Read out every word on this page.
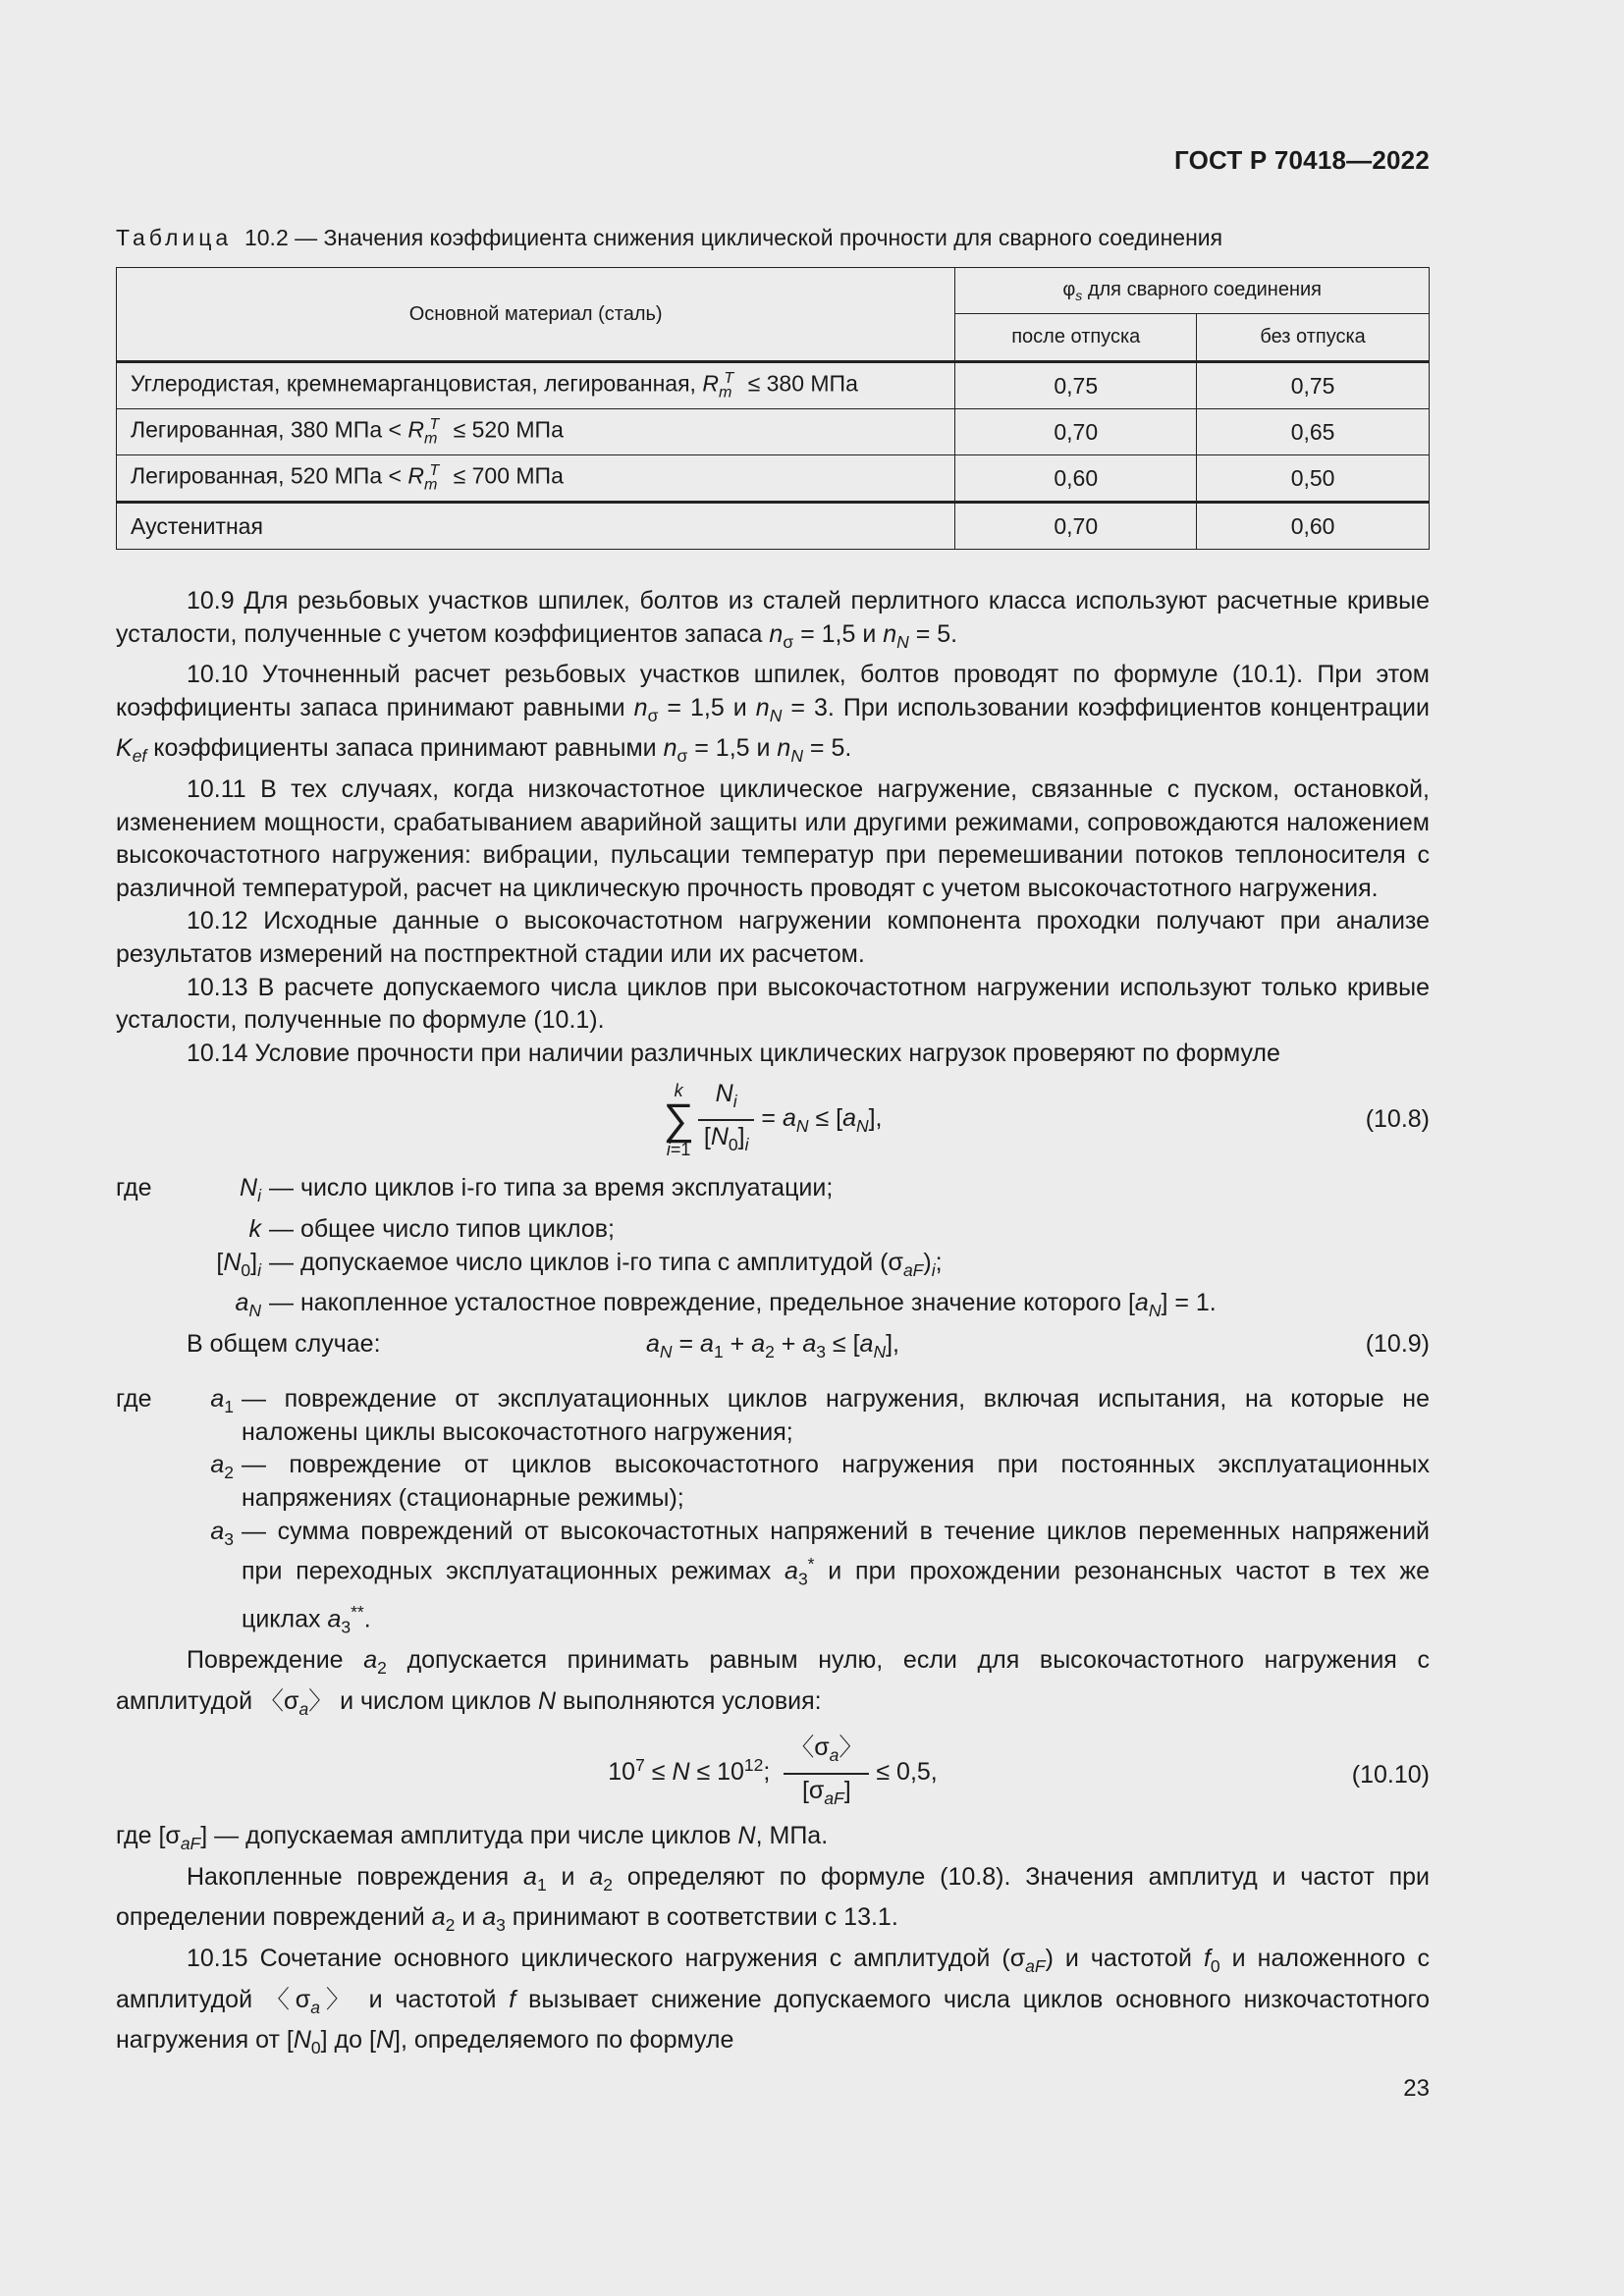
ГОСТ Р 70418—2022
Таблица 10.2 — Значения коэффициента снижения циклической прочности для сварного соединения
Основной материал (сталь)	$\varphi_s$ для сварного соединения	
	после отпуска	без отпуска
Углеродистая, кремнемарганцовистая, легированная, $R_m^T \le 380$ МПа	0,75	0,75
Легированная, 380 МПа < $R_m^T \le 520$ МПа	0,70	0,65
Легированная, 520 МПа < $R_m^T \le 700$ МПа	0,60	0,50
Аустенитная	0,70	0,60

10.9 Для резьбовых участков шпилек, болтов из сталей перлитного класса используют расчетные кривые усталости, полученные с учетом коэффициентов запаса $n_\sigma = 1,5$ и $n_N = 5$.

10.10 Уточненный расчет резьбовых участков шпилек, болтов проводят по формуле (10.1). При этом коэффициенты запаса принимают равными $n_\sigma = 1,5$ и $n_N = 3$. При использовании коэффициентов концентрации $K_{ef}$ коэффициенты запаса принимают равными $n_\sigma = 1,5$ и $n_N = 5$.

10.11 В тех случаях, когда низкочастотное циклическое нагружение, связанные с пуском, остановкой, изменением мощности, срабатыванием аварийной защиты или другими режимами, сопровождаются наложением высокочастотного нагружения: вибрации, пульсации температур при перемешивании потоков теплоносителя с различной температурой, расчет на циклическую прочность проводят с учетом высокочастотного нагружения.

10.12 Исходные данные о высокочастотном нагружении компонента проходки получают при анализе результатов измерений на постпректной стадии или их расчетом.

10.13 В расчете допускаемого числа циклов при высокочастотном нагружении используют только кривые усталости, полученные по формуле (10.1).

10.14 Условие прочности при наличии различных циклических нагрузок проверяют по формуле

k
∑
$i=1 \frac{N_i}{[N_0]_i} = a_N \le [a_N]$,	(10.8)
где	$N_i$ — число циклов i-го типа за время эксплуатации;
k — общее число типов циклов;
$[N_0]_i$ — допускаемое число циклов i-го типа с амплитудой $(\sigma_{aF})_i$;
$a_N$ — накопленное усталостное повреждение, предельное значение которого $[a_N] = 1$.

В общем случае:	$a_N = a_1 + a_2 + a_3 \le [a_N]$,	(10.9)
где $a_1$ — повреждение от эксплуатационных циклов нагружения, включая испытания, на которые не наложены циклы высокочастотного нагружения;
$a_2$ — повреждение от циклов высокочастотного нагружения при постоянных эксплуатационных напряжениях (стационарные режимы);
$a_3$ — сумма повреждений от высокочастотных напряжений в течение циклов переменных напряжений при переходных эксплуатационных режимах $a_3^*$ и при прохождении резонансных частот в тех же циклах $a_3^{**}$.

Повреждение $a_2$ допускается принимать равным нулю, если для высокочастотного нагружения с амплитудой 〈$\sigma_a$〉 и числом циклов N выполняются условия:

$10^7 \le N \le 10^{12}$; $\frac{〈\sigma_a〉}{[\sigma_{aF}]} \le 0,5$,	(10.10)

где $[\sigma_{aF}]$ — допускаемая амплитуда при числе циклов N, МПа.

Накопленные повреждения $a_1$ и $a_2$ определяют по формуле (10.8). Значения амплитуд и частот при определении повреждений $a_2$ и $a_3$ принимают в соответствии с 13.1.

10.15 Сочетание основного циклического нагружения с амплитудой $(\sigma_{aF})$ и частотой $f_0$ и наложенного с амплитудой 〈$\sigma_a$〉 и частотой f вызывает снижение допускаемого числа циклов основного низкочастотного нагружения от $[N_0]$ до [N], определяемого по формуле

23
